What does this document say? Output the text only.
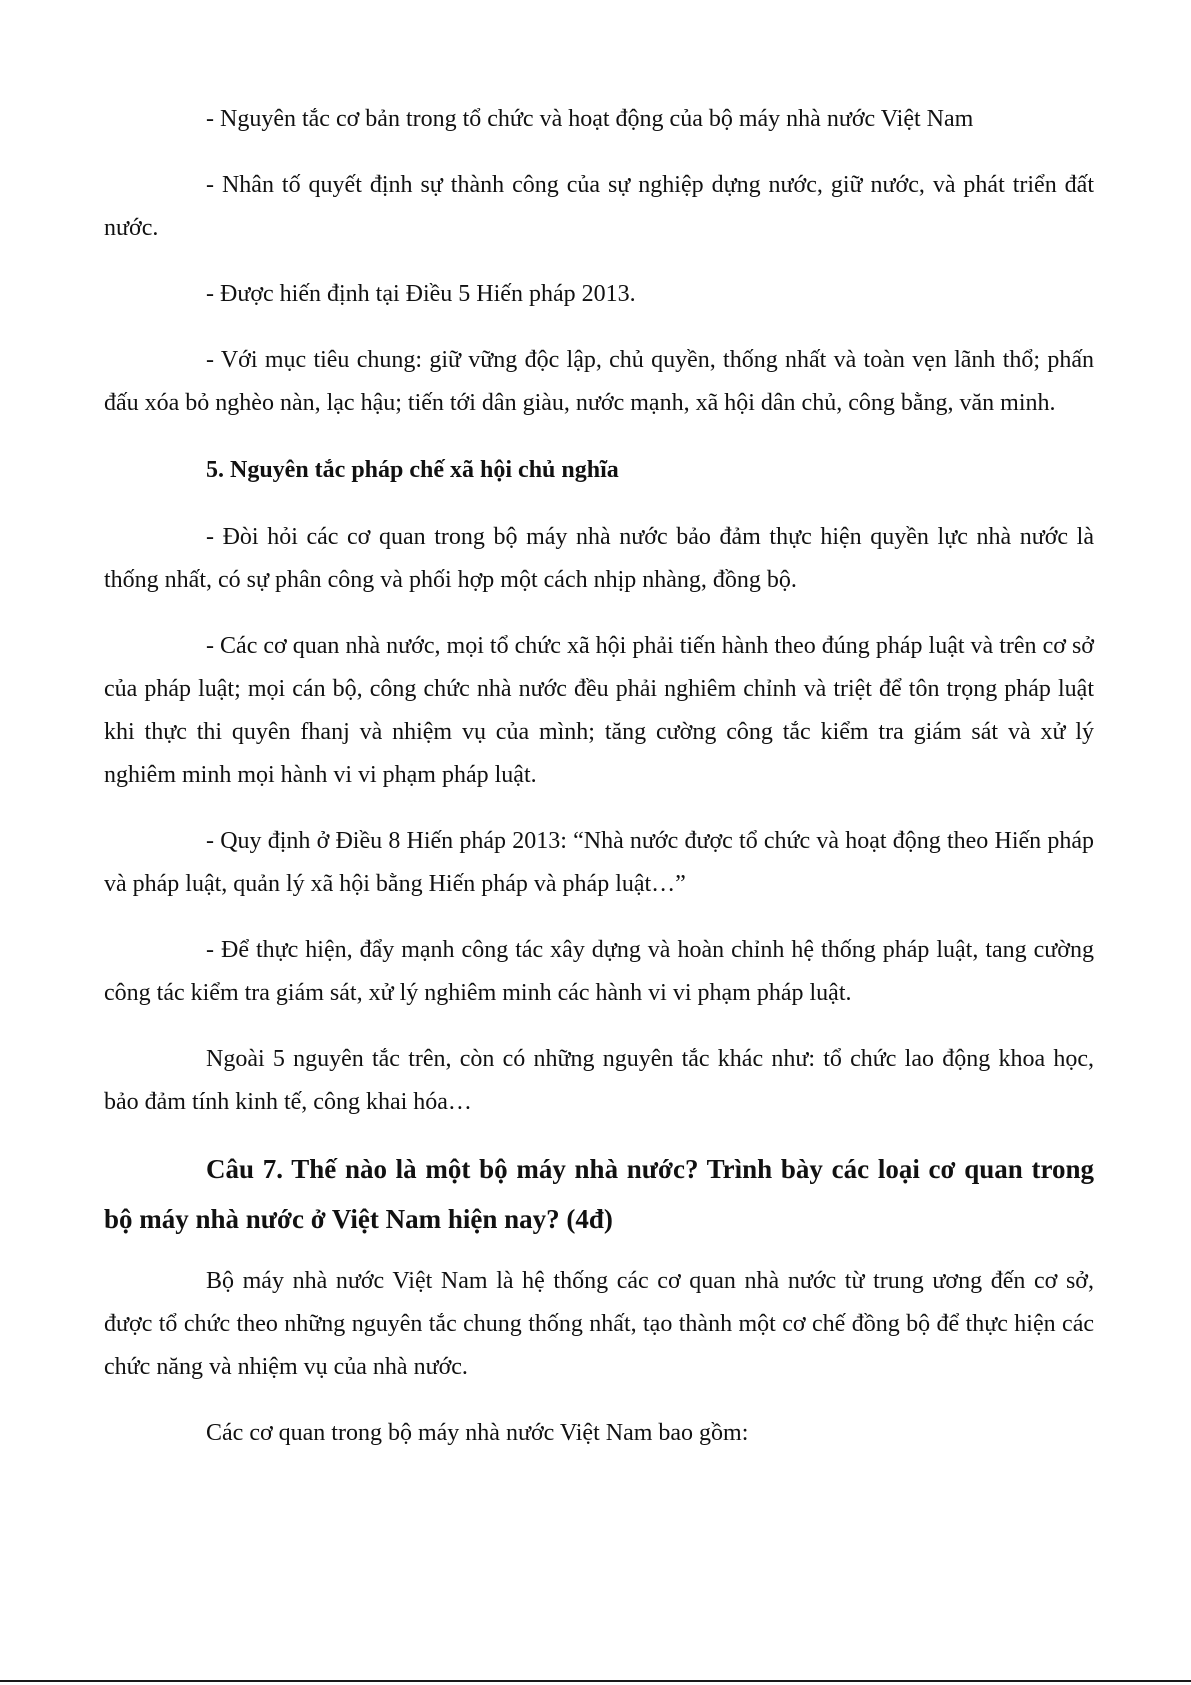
- Nguyên tắc cơ bản trong tổ chức và hoạt động của bộ máy nhà nước Việt Nam

- Nhân tố quyết định sự thành công của sự nghiệp dựng nước, giữ nước, và phát triển đất nước.

- Được hiến định tại Điều 5 Hiến pháp 2013.

- Với mục tiêu chung: giữ vững độc lập, chủ quyền, thống nhất và toàn vẹn lãnh thổ; phấn đấu xóa bỏ nghèo nàn, lạc hậu; tiến tới dân giàu, nước mạnh, xã hội dân chủ, công bằng, văn minh.

5. Nguyên tắc pháp chế xã hội chủ nghĩa

- Đòi hỏi các cơ quan trong bộ máy nhà nước bảo đảm thực hiện quyền lực nhà nước là thống nhất, có sự phân công và phối hợp một cách nhịp nhàng, đồng bộ.

- Các cơ quan nhà nước, mọi tổ chức xã hội phải tiến hành theo đúng pháp luật và trên cơ sở của pháp luật; mọi cán bộ, công chức nhà nước đều phải nghiêm chỉnh và triệt để tôn trọng pháp luật khi thực thi quyên fhanj và nhiệm vụ của mình; tăng cường công tắc kiểm tra giám sát và xử lý nghiêm minh mọi hành vi vi phạm pháp luật.

- Quy định ở Điều 8 Hiến pháp 2013: “Nhà nước được tổ chức và hoạt động theo Hiến pháp và pháp luật, quản lý xã hội bằng Hiến pháp và pháp luật…”

- Để thực hiện, đẩy mạnh công tác xây dựng và hoàn chỉnh hệ thống pháp luật, tang cường công tác kiểm tra giám sát, xử lý nghiêm minh các hành vi vi phạm pháp luật.

Ngoài 5 nguyên tắc trên, còn có những nguyên tắc khác như: tổ chức lao động khoa học, bảo đảm tính kinh tế, công khai hóa…

Câu 7. Thế nào là một bộ máy nhà nước? Trình bày các loại cơ quan trong bộ máy nhà nước ở Việt Nam hiện nay? (4đ)

Bộ máy nhà nước Việt Nam là hệ thống các cơ quan nhà nước từ trung ương đến cơ sở, được tổ chức theo những nguyên tắc chung thống nhất, tạo thành một cơ chế đồng bộ để thực hiện các chức năng và nhiệm vụ của nhà nước.

Các cơ quan trong bộ máy nhà nước Việt Nam bao gồm:
